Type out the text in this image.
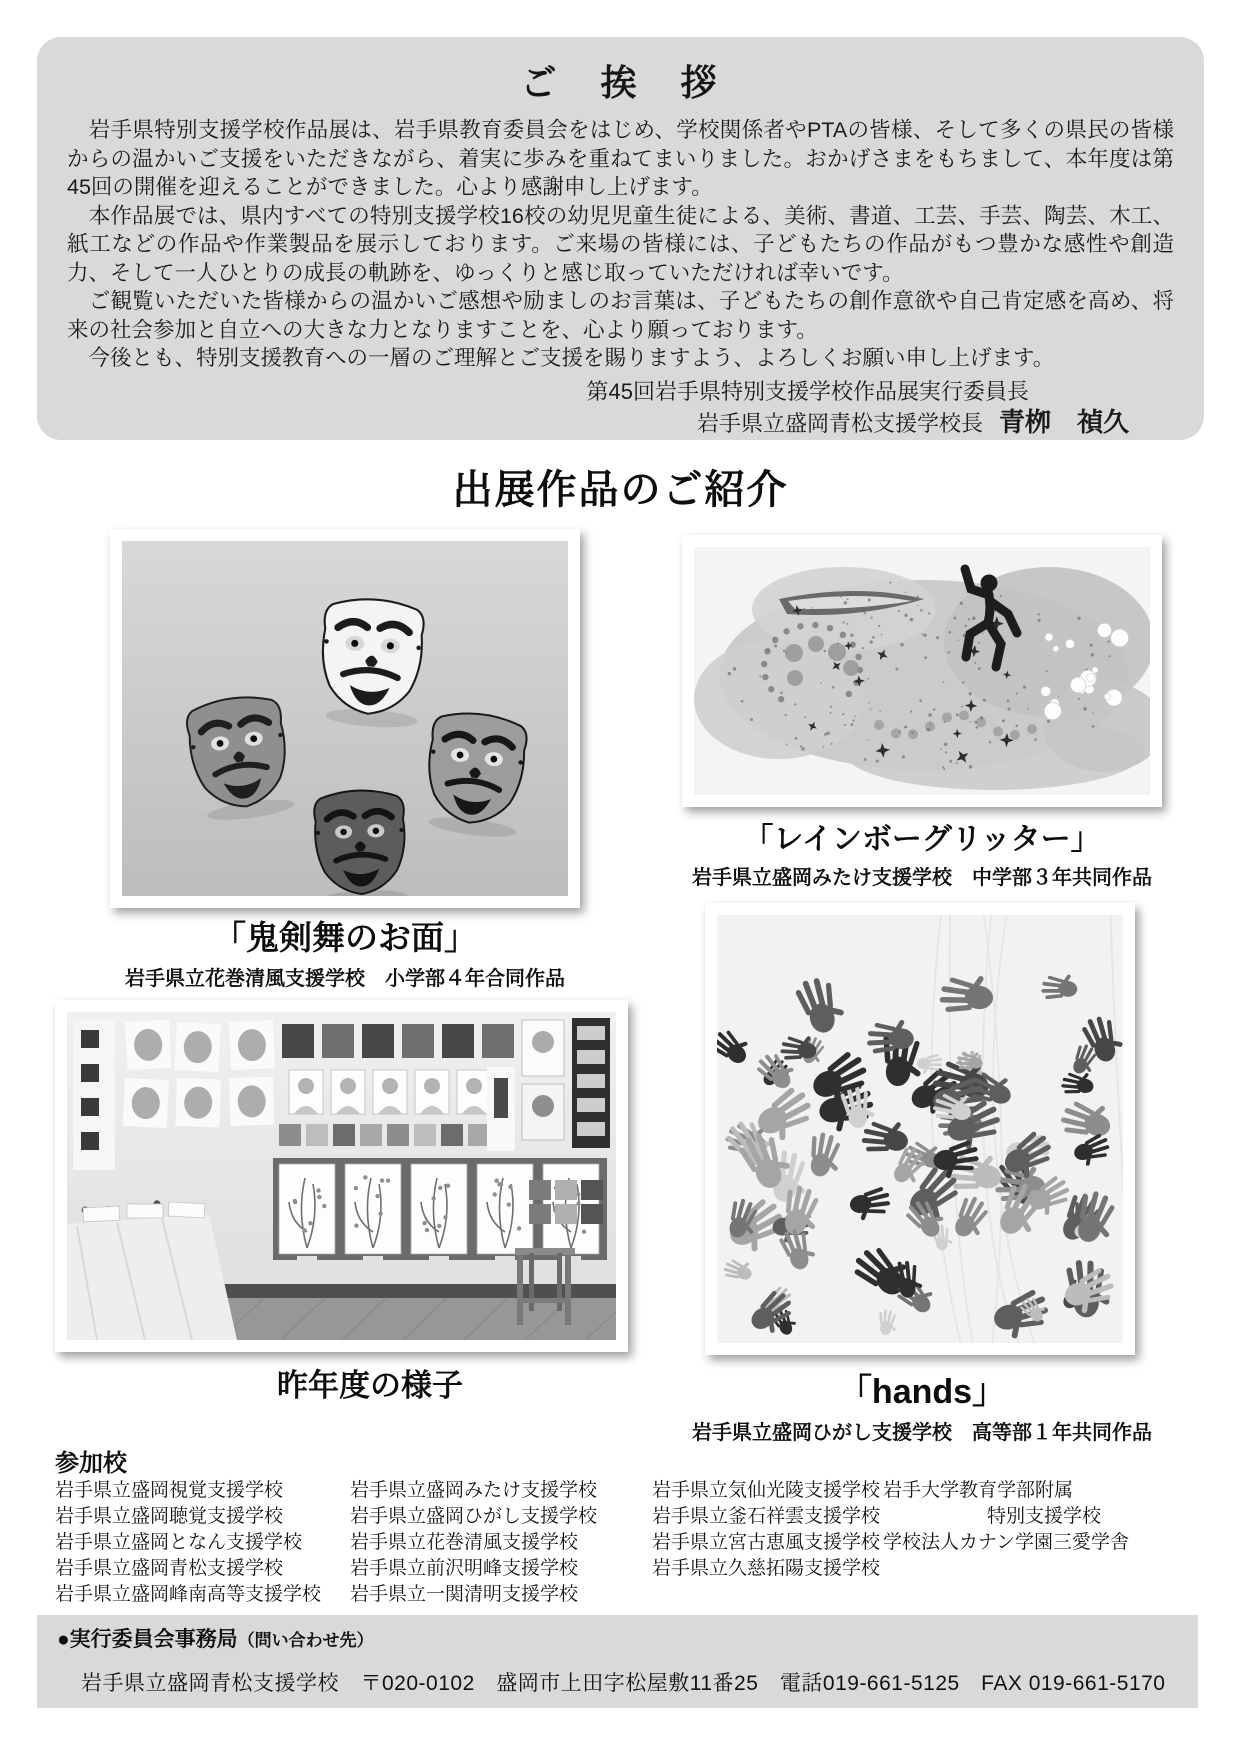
ご　挨　拶

　岩手県特別支援学校作品展は、岩手県教育委員会をはじめ、学校関係者やPTAの皆様、そして多くの県民の皆様からの温かいご支援をいただきながら、着実に歩みを重ねてまいりました。おかげさまをもちまして、本年度は第45回の開催を迎えることができました。心より感謝申し上げます。

　本作品展では、県内すべての特別支援学校16校の幼児児童生徒による、美術、書道、工芸、手芸、陶芸、木工、紙工などの作品や作業製品を展示しております。ご来場の皆様には、子どもたちの作品がもつ豊かな感性や創造力、そして一人ひとりの成長の軌跡を、ゆっくりと感じ取っていただければ幸いです。

　ご観覧いただいた皆様からの温かいご感想や励ましのお言葉は、子どもたちの創作意欲や自己肯定感を高め、将来の社会参加と自立への大きな力となりますことを、心より願っております。

　今後とも、特別支援教育への一層のご理解とご支援を賜りますよう、よろしくお願い申し上げます。

第45回岩手県特別支援学校作品展実行委員長
岩手県立盛岡青松支援学校長 青栁　禎久
出展作品のご紹介
「鬼剣舞のお面」
岩手県立花巻清風支援学校　小学部４年合同作品
「レインボーグリッター」
岩手県立盛岡みたけ支援学校　中学部３年共同作品
昨年度の様子	「hands」
岩手県立盛岡ひがし支援学校　高等部１年共同作品
参加校
岩手県立盛岡視覚支援学校
岩手県立盛岡聴覚支援学校
岩手県立盛岡となん支援学校
岩手県立盛岡青松支援学校
岩手県立盛岡峰南高等支援学校
岩手県立盛岡みたけ支援学校
岩手県立盛岡ひがし支援学校
岩手県立花巻清風支援学校
岩手県立前沢明峰支援学校
岩手県立一関清明支援学校
岩手県立気仙光陵支援学校
岩手県立釜石祥雲支援学校
岩手県立宮古恵風支援学校
岩手県立久慈拓陽支援学校
岩手大学教育学部附属
特別支援学校
学校法人カナン学園三愛学舎

●実行委員会事務局（問い合わせ先）

岩手県立盛岡青松支援学校　〒020-0102　盛岡市上田字松屋敷11番25　電話019-661-5125　FAX 019-661-5170
